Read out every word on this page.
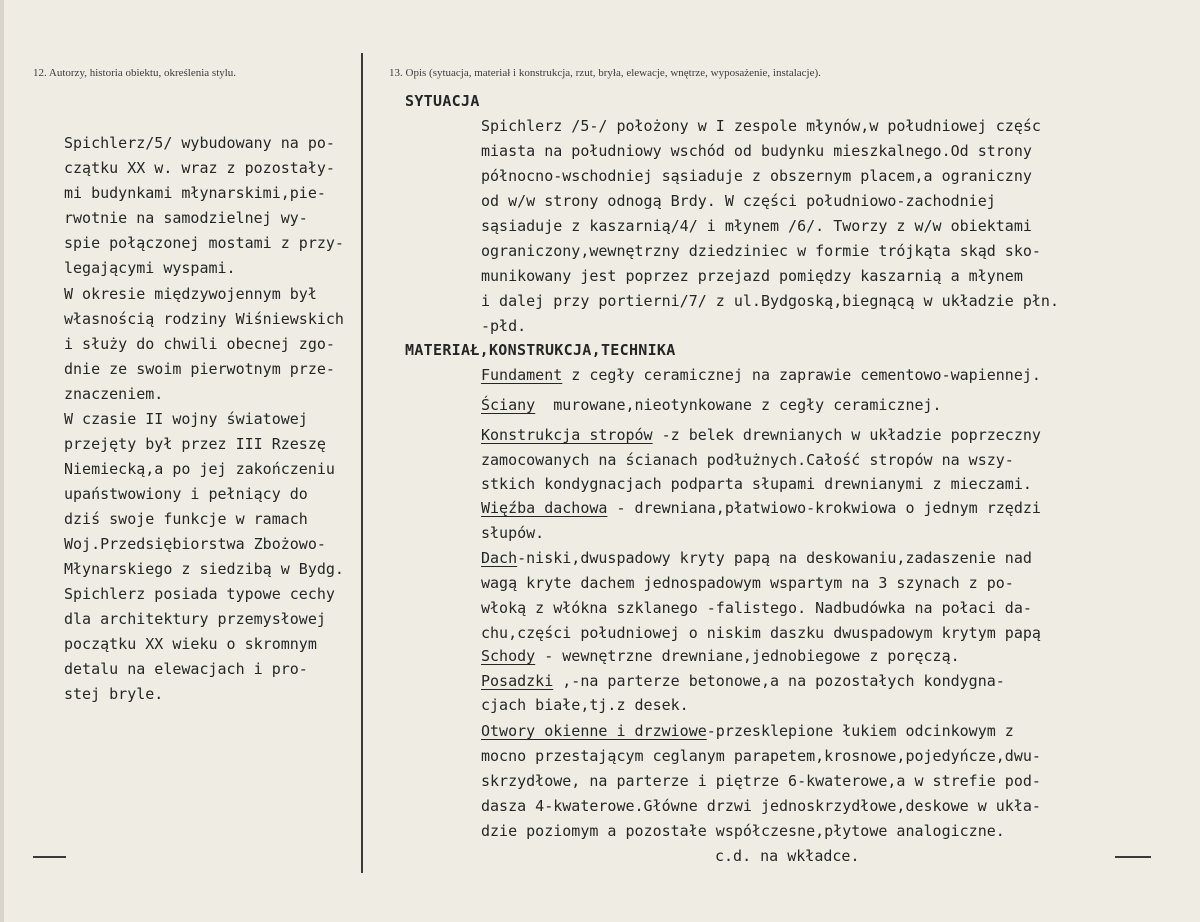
12. Autorzy, historia obiektu, określenia stylu.	13. Opis (sytuacja, materiał i konstrukcja, rzut, bryła, elewacje, wnętrze, wyposażenie, instalacje).
Spichlerz/5/ wybudowany na po-
czątku XX w. wraz z pozostały-
mi budynkami młynarskimi,pie-
rwotnie na samodzielnej wy-
spie połączonej mostami z przy-
legającymi wyspami.
W okresie międzywojennym był
własnością rodziny Wiśniewskich
i służy do chwili obecnej zgo-
dnie ze swoim pierwotnym prze-
znaczeniem.
W czasie II wojny światowej
przejęty był przez III Rzeszę
Niemiecką,a po jej zakończeniu
upaństwowiony i pełniący do
dziś swoje funkcje w ramach
Woj.Przedsiębiorstwa Zbożowo-
Młynarskiego z siedzibą w Bydg.
Spichlerz posiada typowe cechy
dla architektury przemysłowej
początku XX wieku o skromnym
detalu na elewacjach i pro-
stej bryle.
SYTUACJA
Spichlerz /5-/ położony w I zespole młynów,w południowej częśc
miasta na południowy wschód od budynku mieszkalnego.Od strony
północno-wschodniej sąsiaduje z obszernym placem,a ograniczny
od w/w strony odnogą Brdy. W części południowo-zachodniej
sąsiaduje z kaszarnią/4/ i młynem /6/. Tworzy z w/w obiektami
ograniczony,wewnętrzny dziedziniec w formie trójkąta skąd sko-
munikowany jest poprzez przejazd pomiędzy kaszarnią a młynem
i dalej przy portierni/7/ z ul.Bydgoską,biegnącą w układzie płn.
-płd.
MATERIAŁ,KONSTRUKCJA,TECHNIKA
Fundament z cegły ceramicznej na zaprawie cementowo-wapiennej.
Ściany  murowane,nieotynkowane z cegły ceramicznej.
Konstrukcja stropów -z belek drewnianych w układzie poprzeczny
zamocowanych na ścianach podłużnych.Całość stropów na wszy-
stkich kondygnacjach podparta słupami drewnianymi z mieczami.
Więźba dachowa - drewniana,płatwiowo-krokwiowa o jednym rzędzi
słupów.
Dach-niski,dwuspadowy kryty papą na deskowaniu,zadaszenie nad
wagą kryte dachem jednospadowym wspartym na 3 szynach z po-
włoką z włókna szklanego -falistego. Nadbudówka na połaci da-
chu,części południowej o niskim daszku dwuspadowym krytym papą
Schody - wewnętrzne drewniane,jednobiegowe z poręczą.
Posadzki ,-na parterze betonowe,a na pozostałych kondygna-
cjach białe,tj.z desek.
Otwory okienne i drzwiowe-przesklepione łukiem odcinkowym z
mocno przestającym ceglanym parapetem,krosnowe,pojedyńcze,dwu-
skrzydłowe, na parterze i piętrze 6-kwaterowe,a w strefie pod-
dasza 4-kwaterowe.Główne drzwi jednoskrzydłowe,deskowe w ukła-
dzie poziomym a pozostałe współczesne,płytowe analogiczne.
c.d. na wkładce.
